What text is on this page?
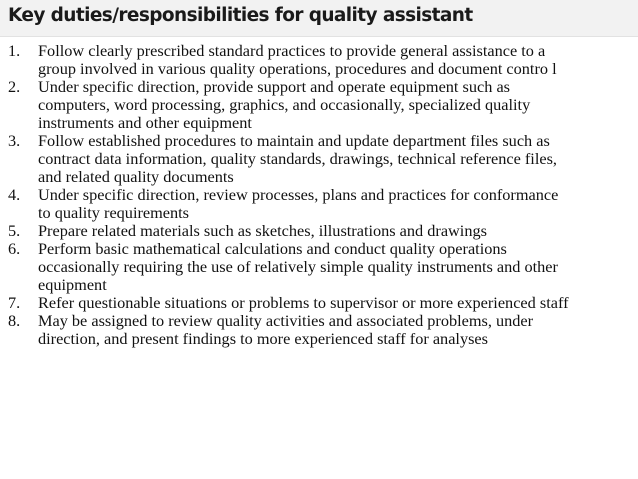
Key duties/responsibilities for quality assistant
1. Follow clearly prescribed standard practices to provide general assistance to a
group involved in various quality operations, procedures and document contro l
2. Under specific direction, provide support and operate equipment such as
computers, word processing, graphics, and occasionally, specialized quality
instruments and other equipment
3. Follow established procedures to maintain and update department files such as
contract data information, quality standards, drawings, technical reference files,
and related quality documents
4. Under specific direction, review processes, plans and practices for conformance
to quality requirements
5. Prepare related materials such as sketches, illustrations and drawings
6. Perform basic mathematical calculations and conduct quality operations
occasionally requiring the use of relatively simple quality instruments and other
equipment
7. Refer questionable situations or problems to supervisor or more experienced staff
8. May be assigned to review quality activities and associated problems, under
direction, and present findings to more experienced staff for analyses
